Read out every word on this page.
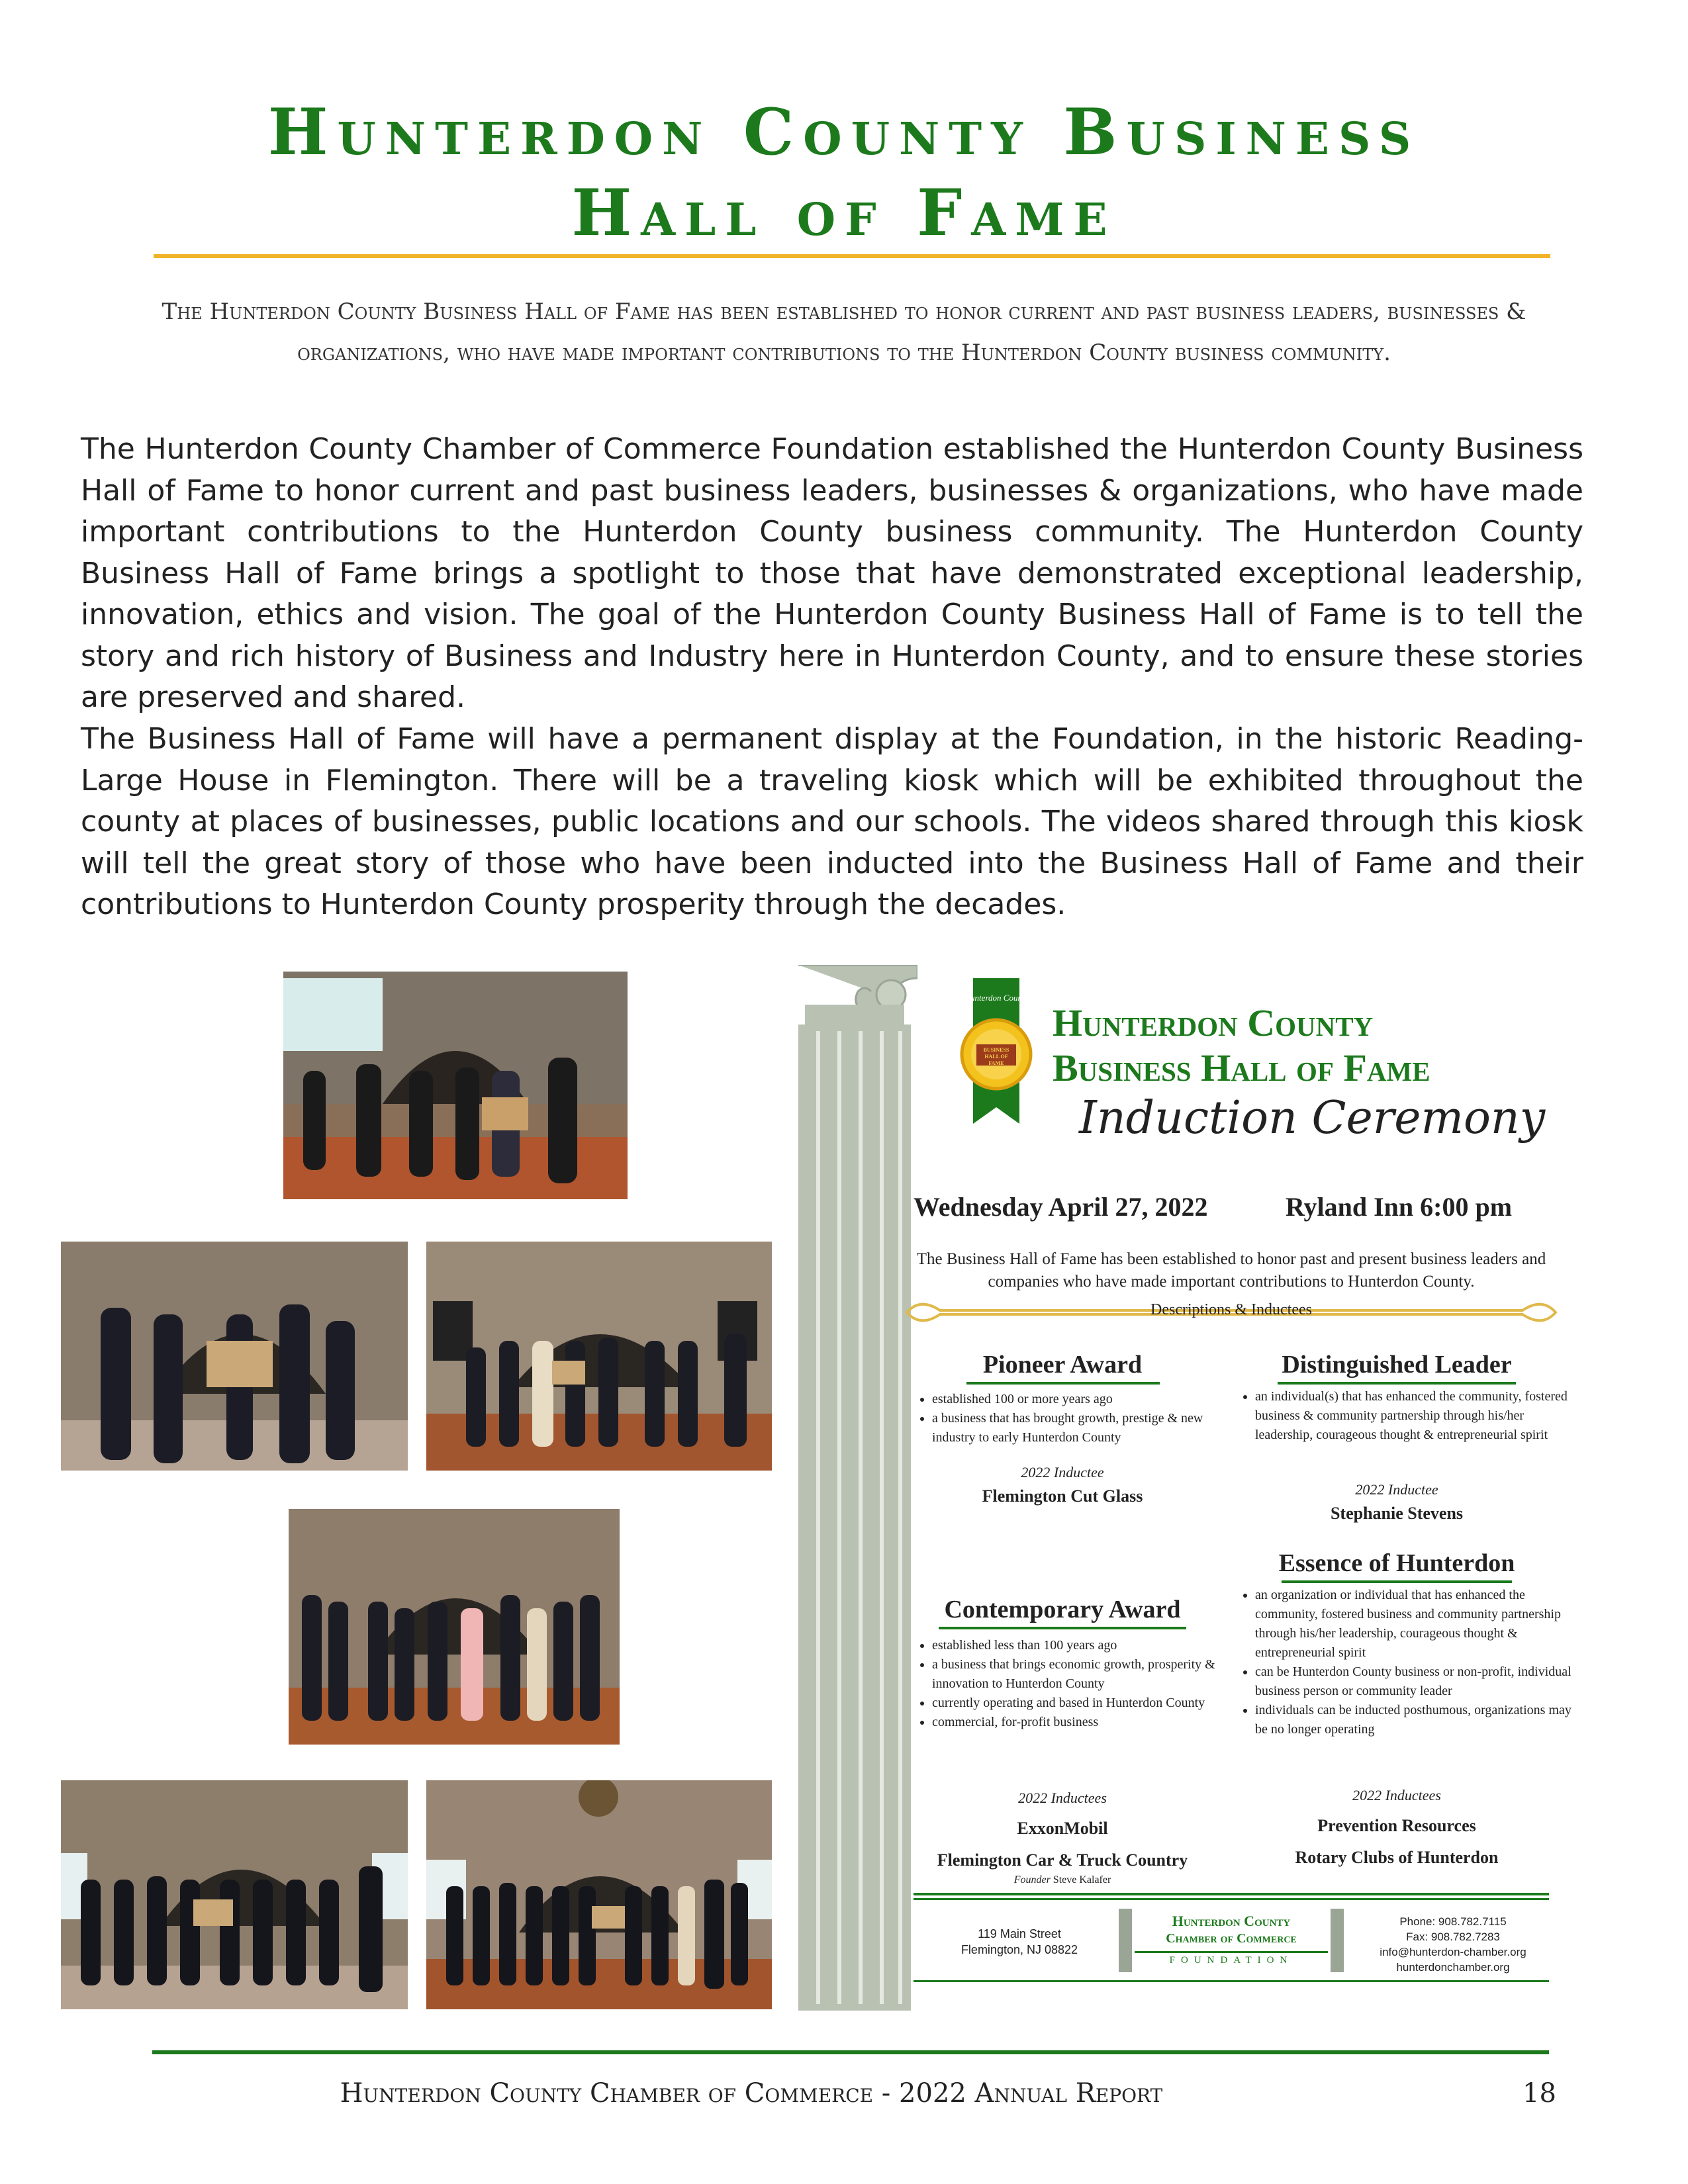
Hunterdon County Business
Hall of Fame
The Hunterdon County Business Hall of Fame has been established to honor current and past business leaders, businesses & organizations, who have made important contributions to the Hunterdon County business community.
The Hunterdon County Chamber of Commerce Foundation established the Hunterdon County Business Hall of Fame to honor current and past business leaders, businesses & organizations, who have made important contributions to the Hunterdon County business community. The Hunterdon County Business Hall of Fame brings a spotlight to those that have demonstrated exceptional leadership, innovation, ethics and vision. The goal of the Hunterdon County Business Hall of Fame is to tell the story and rich history of Business and Industry here in Hunterdon County, and to ensure these stories are preserved and shared.
The Business Hall of Fame will have a permanent display at the Foundation, in the historic Reading-Large House in Flemington. There will be a traveling kiosk which will be exhibited throughout the county at places of businesses, public locations and our schools. The videos shared through this kiosk will tell the great story of those who have been inducted into the Business Hall of Fame and their contributions to Hunterdon County prosperity through the decades.
Hunterdon County
BUSINESS HALL OF FAME
Hunterdon County
Business Hall of Fame
Induction Ceremony
Wednesday April 27, 2022	Ryland Inn 6:00 pm
The Business Hall of Fame has been established to honor past and present business leaders and companies who have made important contributions to Hunterdon County.
Descriptions & Inductees
Pioneer Award
• established 100 or more years ago
• a business that has brought growth, prestige & new industry to early Hunterdon County
2022 Inductee
Flemington Cut Glass
Distinguished Leader
• an individual(s) that has enhanced the community, fostered business & community partnership through his/her leadership, courageous thought & entrepreneurial spirit
2022 Inductee
Stephanie Stevens
Essence of Hunterdon
• an organization or individual that has enhanced the community, fostered business and community partnership through his/her leadership, courageous thought & entrepreneurial spirit
• can be Hunterdon County business or non-profit, individual business person or community leader
• individuals can be inducted posthumous, organizations may be no longer operating
2022 Inductees
Prevention Resources
Rotary Clubs of Hunterdon
Contemporary Award
• established less than 100 years ago
• a business that brings economic growth, prosperity & innovation to Hunterdon County
• currently operating and based in Hunterdon County
• commercial, for-profit business
2022 Inductees
ExxonMobil
Flemington Car & Truck Country
Founder Steve Kalafer
119 Main Street
Flemington, NJ 08822
Hunterdon County
Chamber of Commerce
FOUNDATION
Phone: 908.782.7115
Fax: 908.782.7283
info@hunterdon-chamber.org
hunterdonchamber.org
Hunterdon County Chamber of Commerce - 2022 Annual Report	18
